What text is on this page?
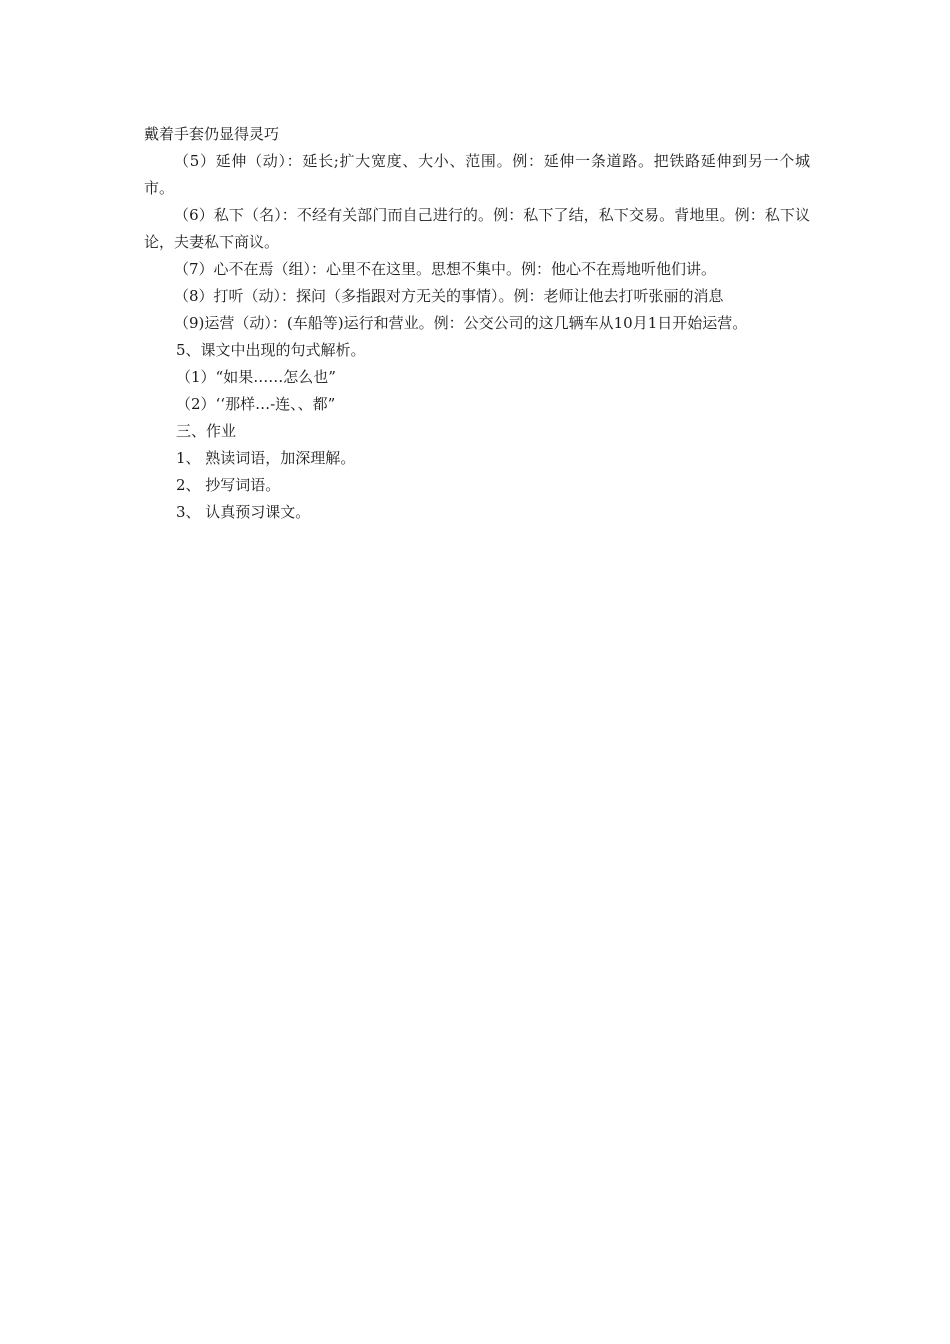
戴着手套仍显得灵巧

（5）延伸（动）：延长;扩大宽度、大小、范围。例：延伸一条道路。把铁路延伸到另一个城市。

（6）私下（名）：不经有关部门而自己进行的。例：私下了结，私下交易。背地里。例：私下议论，夫妻私下商议。

（7）心不在焉（组）：心里不在这里。思想不集中。例：他心不在焉地听他们讲。

（8）打听（动）：探问（多指跟对方无关的事情）。例：老师让他去打听张丽的消息

（9)运营（动）：(车船等)运行和营业。例：公交公司的这几辆车从10月1日开始运营。

5、课文中出现的句式解析。

（1）“如果……怎么也”

（2）‘‘那样…-连、、都”

三、作业

1、 熟读词语，加深理解。

2、 抄写词语。

3、 认真预习课文。
